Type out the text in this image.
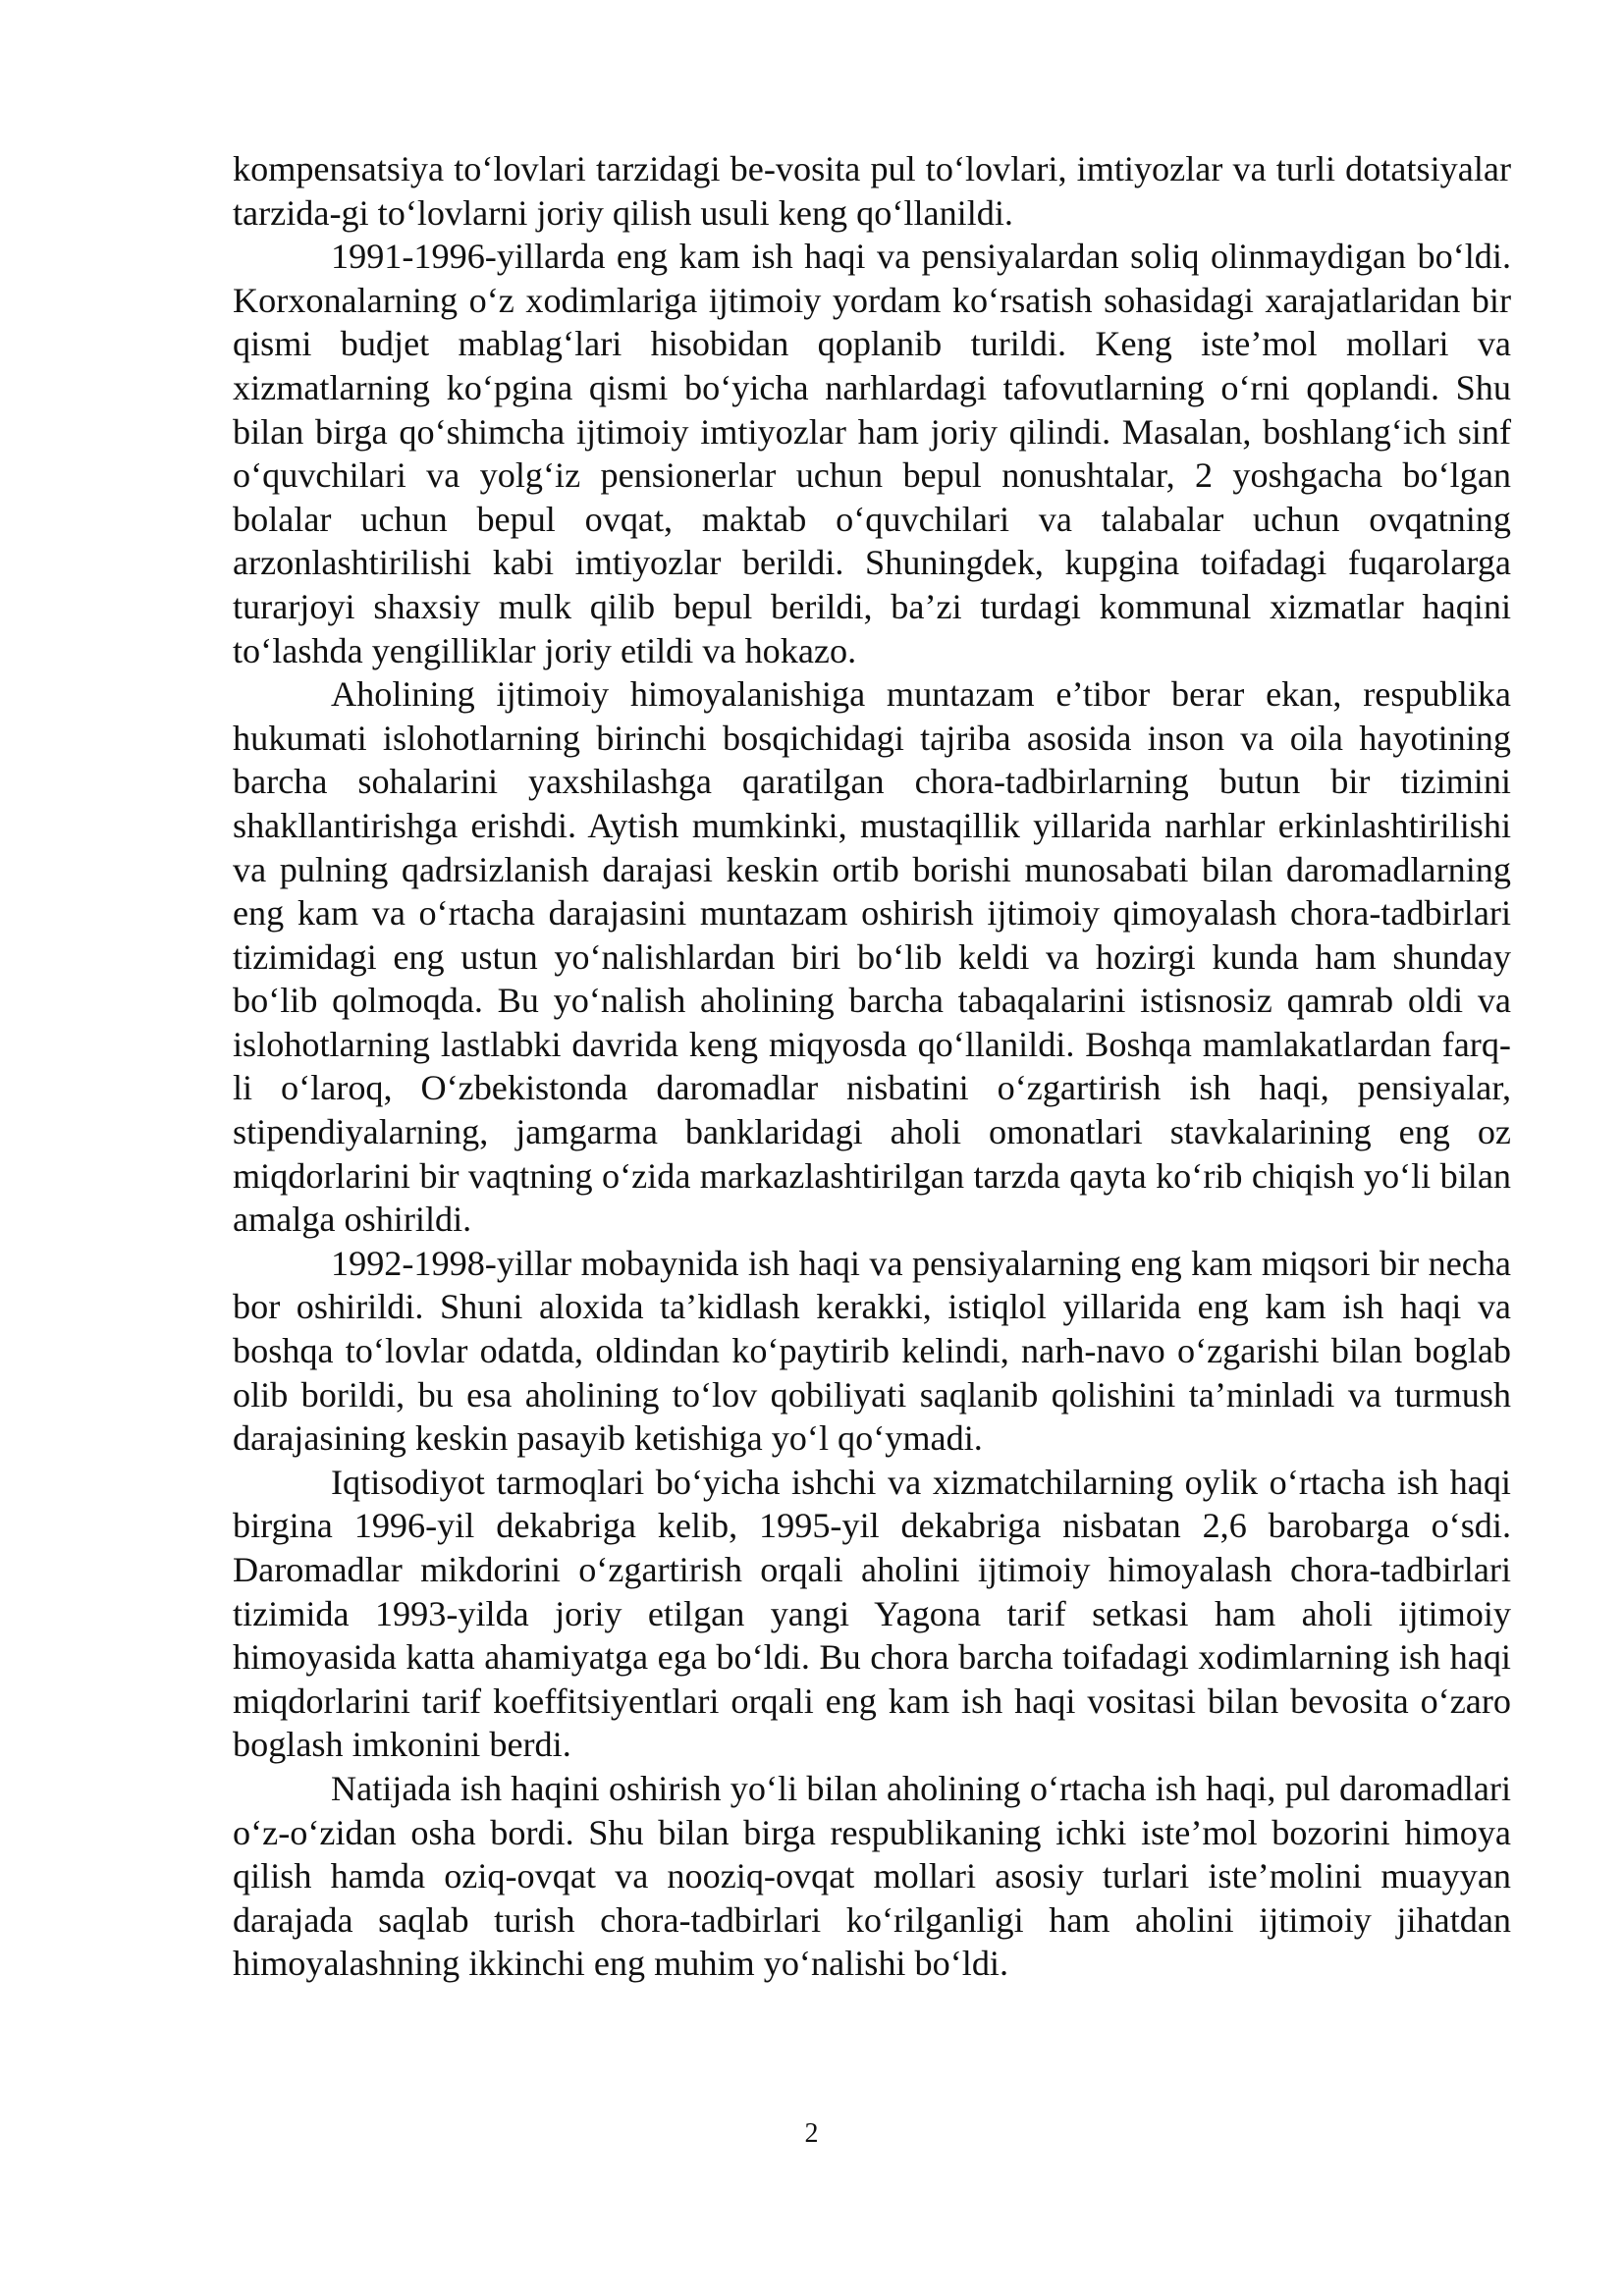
kompensatsiya to‘lovlari tarzidagi be-vosita pul to‘lovlari, imtiyozlar va turli dotatsiyalar tarzida-gi to‘lovlarni joriy qilish usuli keng qo‘llanildi.

1991-1996-yillarda eng kam ish haqi va pensiyalardan soliq olinmaydigan bo‘ldi. Korxonalarning o‘z xodimlariga ijtimoiy yordam ko‘rsatish sohasidagi xarajatlaridan bir qismi budjet mablag‘lari hisobidan qoplanib turildi. Keng iste’mol mollari va xizmatlarning ko‘pgina qismi bo‘yicha narhlardagi tafovutlarning o‘rni qoplandi. Shu bilan birga qo‘shimcha ijtimoiy imtiyozlar ham joriy qilindi. Masalan, boshlang‘ich sinf o‘quvchilari va yolg‘iz pensionerlar uchun bepul nonushtalar, 2 yoshgacha bo‘lgan bolalar uchun bepul ovqat, maktab o‘quvchilari va talabalar uchun ovqatning arzonlashtirilishi kabi imtiyozlar berildi. Shuningdek, kupgina toifadagi fuqarolarga turarjoyi shaxsiy mulk qilib bepul berildi, ba’zi turdagi kommunal xizmatlar haqini to‘lashda yengilliklar joriy etildi va hokazo.

Aholining ijtimoiy himoyalanishiga muntazam e’tibor berar ekan, respublika hukumati islohotlarning birinchi bosqichidagi tajriba asosida inson va oila hayotining barcha sohalarini yaxshilashga qaratilgan chora-tadbirlarning butun bir tizimini shakllantirishga erishdi. Aytish mumkinki, mustaqillik yillarida narhlar erkinlashtirilishi va pulning qadrsizlanish darajasi keskin ortib borishi munosabati bilan daromadlarning eng kam va o‘rtacha darajasini muntazam oshirish ijtimoiy qimoyalash chora-tadbirlari tizimidagi eng ustun yo‘nalishlardan biri bo‘lib keldi va hozirgi kunda ham shunday bo‘lib qolmoqda. Bu yo‘nalish aholining barcha tabaqalarini istisnosiz qamrab oldi va islohotlarning lastlabki davrida keng miqyosda qo‘llanildi. Boshqa mamlakatlardan farq-li o‘laroq, O‘zbekistonda daromadlar nisbatini o‘zgartirish ish haqi, pensiyalar, stipendiyalarning, jamgarma banklaridagi aholi omonatlari stavkalarining eng oz miqdorlarini bir vaqtning o‘zida markazlashtirilgan tarzda qayta ko‘rib chiqish yo‘li bilan amalga oshirildi.

1992-1998-yillar mobaynida ish haqi va pensiyalarning eng kam miqsori bir necha bor oshirildi. Shuni aloxida ta’kidlash kerakki, istiqlol yillarida eng kam ish haqi va boshqa to‘lovlar odatda, oldindan ko‘paytirib kelindi, narh-navo o‘zgarishi bilan boglab olib borildi, bu esa aholining to‘lov qobiliyati saqlanib qolishini ta’minladi va turmush darajasining keskin pasayib ketishiga yo‘l qo‘ymadi.

Iqtisodiyot tarmoqlari bo‘yicha ishchi va xizmatchilarning oylik o‘rtacha ish haqi birgina 1996-yil dekabriga kelib, 1995-yil dekabriga nisbatan 2,6 barobarga o‘sdi. Daromadlar mikdorini o‘zgartirish orqali aholini ijtimoiy himoyalash chora-tadbirlari tizimida 1993-yilda joriy etilgan yangi Yagona tarif setkasi ham aholi ijtimoiy himoyasida katta ahamiyatga ega bo‘ldi. Bu chora barcha toifadagi xodimlarning ish haqi miqdorlarini tarif koeffitsiyentlari orqali eng kam ish haqi vositasi bilan bevosita o‘zaro boglash imkonini berdi.

Natijada ish haqini oshirish yo‘li bilan aholining o‘rtacha ish haqi, pul daromadlari o‘z-o‘zidan osha bordi. Shu bilan birga respublikaning ichki iste’mol bozorini himoya qilish hamda oziq-ovqat va nooziq-ovqat mollari asosiy turlari iste’molini muayyan darajada saqlab turish chora-tadbirlari ko‘rilganligi ham aholini ijtimoiy jihatdan himoyalashning ikkinchi eng muhim yo‘nalishi bo‘ldi.

2
